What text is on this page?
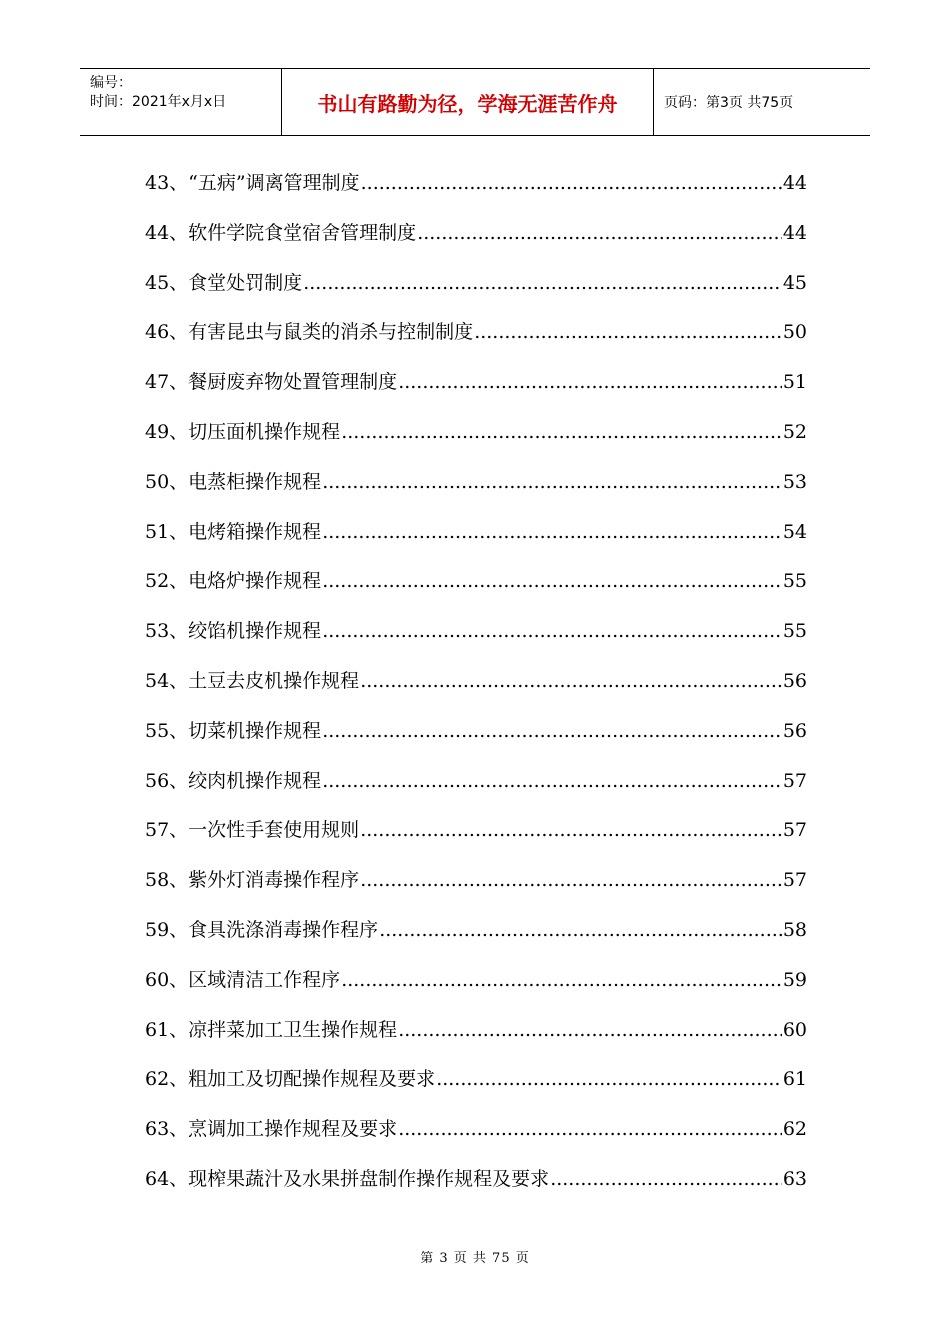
编号：
时间：2021年x月x日	书山有路勤为径，学海无涯苦作舟	页码：第3页 共75页
43、“五病”调离管理制度 .....	44
44、软件学院食堂宿舍管理制度 .....	44
45、食堂处罚制度 .....	45
46、有害昆虫与鼠类的消杀与控制制度 .....	50
47、餐厨废弃物处置管理制度 .....	51
49、切压面机操作规程 .....	52
50、电蒸柜操作规程 .....	53
51、电烤箱操作规程 .....	54
52、电烙炉操作规程 .....	55
53、绞馅机操作规程 .....	55
54、土豆去皮机操作规程 .....	56
55、切菜机操作规程 .....	56
56、绞肉机操作规程 .....	57
57、一次性手套使用规则 .....	57
58、紫外灯消毒操作程序 .....	57
59、食具洗涤消毒操作程序 .....	58
60、区域清洁工作程序 .....	59
61、凉拌菜加工卫生操作规程 .....	60
62、粗加工及切配操作规程及要求 .....	61
63、烹调加工操作规程及要求 .....	62
64、现榨果蔬汁及水果拼盘制作操作规程及要求 .....	63
第 3 页 共 75 页
